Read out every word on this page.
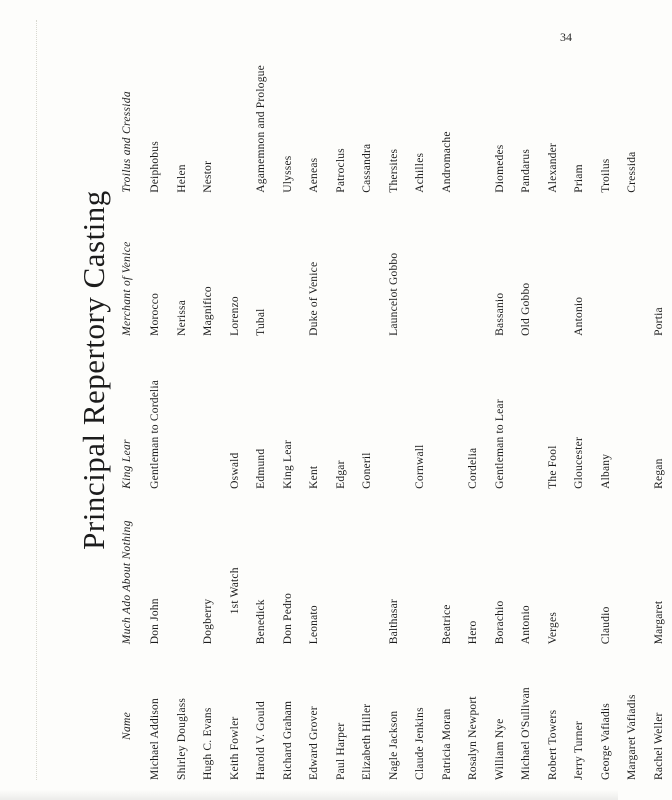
34
Principal Repertory Casting
Name	Much Ado About Nothing	King Lear	Merchant of Venice	Troilus and Cressida
Michael Addison	Don John	Gentleman to Cordelia	Morocco	Deiphobus
Shirley Douglass			Nerissa	Helen
Hugh C. Evans	Dogberry		Magnifico	Nestor
Keith Fowler	1st Watch	Oswald	Lorenzo	
Harold V. Gould	Benedick	Edmund	Tubal	Agamemnon and Prologue
Richard Graham	Don Pedro	King Lear		Ulysses
Edward Grover	Leonato	Kent	Duke of Venice	Aeneas
Paul Harper		Edgar		Patroclus
Elizabeth Hiller		Goneril		Cassandra
Nagle Jackson	Balthasar		Launcelot Gobbo	Thersites
Claude Jenkins		Cornwall		Achilles
Patricia Moran	Beatrice			Andromache
Rosalyn Newport	Hero	Cordelia		
William Nye	Borachio	Gentleman to Lear	Bassanio	Diomedes
Michael O'Sullivan	Antonio		Old Gobbo	Pandarus
Robert Towers	Verges	The Fool		Alexander
Jerry Turner		Gloucester	Antonio	Priam
George Vafiadis	Claudio	Albany		Troilus
Margaret Vafiadis				Cressida
Rachel Weller	Margaret	Regan	Portia	
